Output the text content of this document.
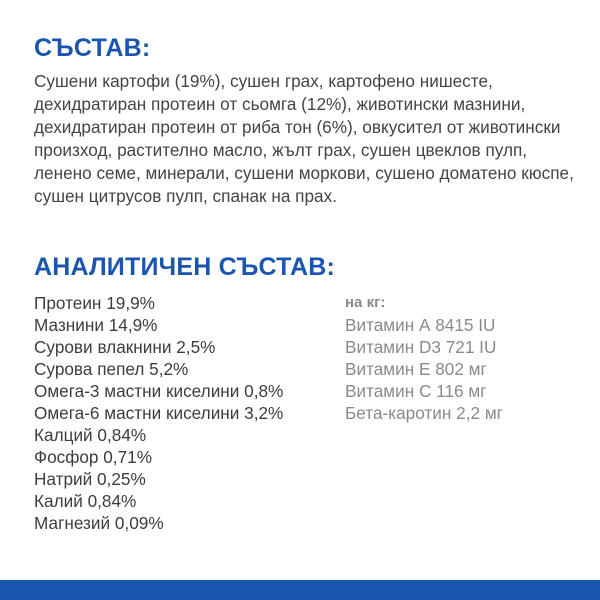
СЪСТАВ:

Сушени картофи (19%), сушен грах, картофено нишесте, дехидратиран протеин от сьомга (12%), животински мазнини, дехидратиран протеин от риба тон (6%), овкусител от животински произход, растително масло, жълт грах, сушен цвеклов пулп, ленено семе, минерали, сушени моркови, сушено доматено кюспе, сушен цитрусов пулп, спанак на прах.

АНАЛИТИЧЕН СЪСТАВ:
Протеин 19,9%
Мазнини 14,9%
Сурови влакнини 2,5%
Сурова пепел 5,2%
Омега-3 мастни киселини 0,8%
Омега-6 мастни киселини 3,2%
Калций 0,84%
Фосфор 0,71%
Натрий 0,25%
Калий 0,84%
Магнезий 0,09%
на кг:
Витамин А 8415 IU
Витамин D3 721 IU
Витамин Е 802 мг
Витамин С 116 мг
Бета-каротин 2,2 мг
